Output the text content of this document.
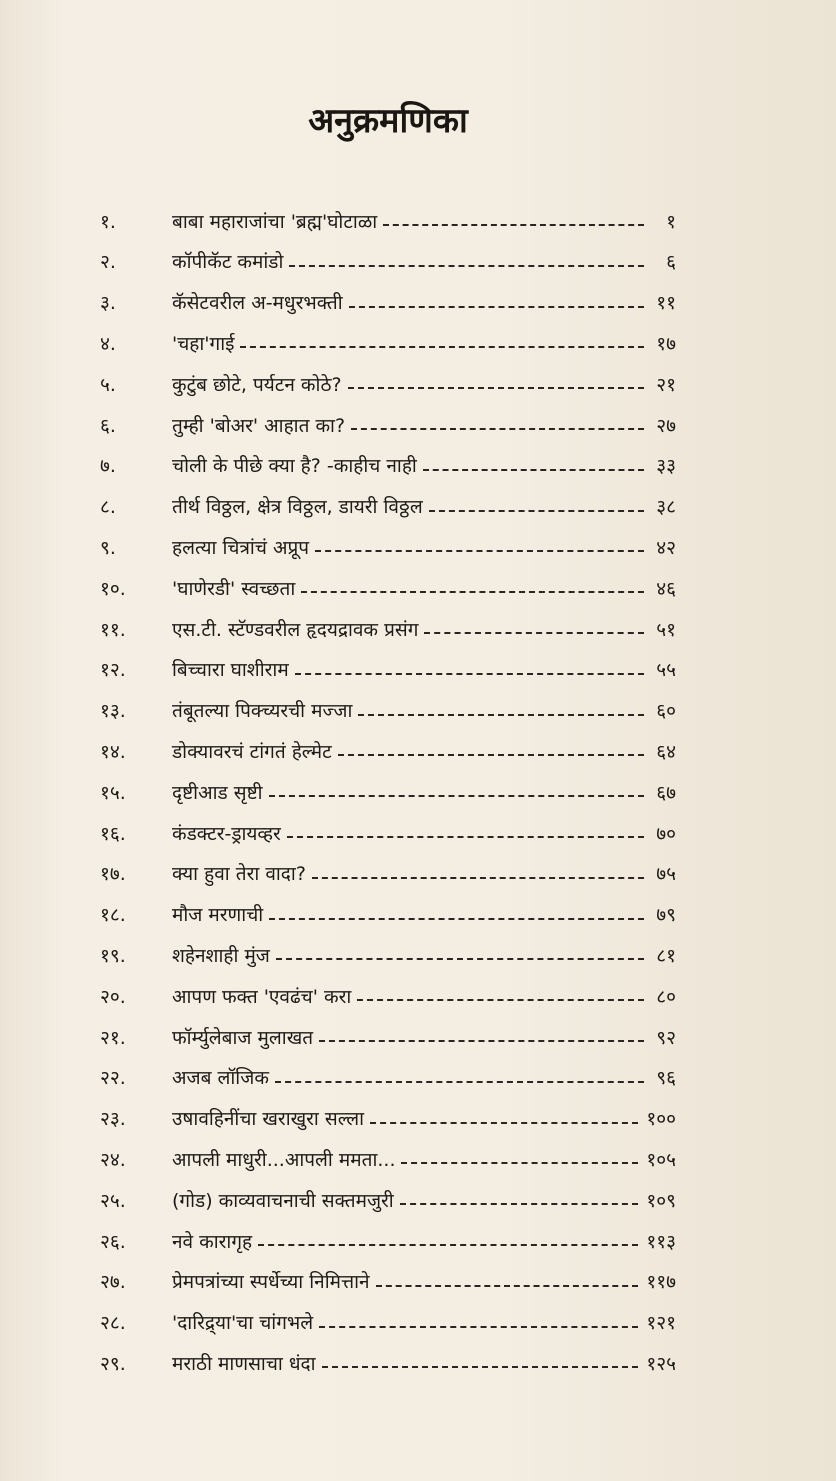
अनुक्रमणिका
१.	बाबा महाराजांचा 'ब्रह्म'घोटाळा	१
२.	कॉपीकॅट कमांडो	६
३.	कॅसेटवरील अ-मधुरभक्ती	११
४.	'चहा'गाई	१७
५.	कुटुंब छोटे, पर्यटन कोठे?	२१
६.	तुम्ही 'बोअर' आहात का?	२७
७.	चोली के पीछे क्या है? -काहीच नाही	३३
८.	तीर्थ विठ्ठल, क्षेत्र विठ्ठल, डायरी विठ्ठल	३८
९.	हलत्या चित्रांचं अप्रूप	४२
१०.	'घाणेरडी' स्वच्छता	४६
११.	एस.टी. स्टॅण्डवरील हृदयद्रावक प्रसंग	५१
१२.	बिच्चारा घाशीराम	५५
१३.	तंबूतल्या पिक्च्यरची मज्जा	६०
१४.	डोक्यावरचं टांगतं हेल्मेट	६४
१५.	दृष्टीआड सृष्टी	६७
१६.	कंडक्टर-ड्रायव्हर	७०
१७.	क्या हुवा तेरा वादा?	७५
१८.	मौज मरणाची	७९
१९.	शहेनशाही मुंज	८१
२०.	आपण फक्त 'एवढंच' करा	८०
२१.	फॉर्म्युलेबाज मुलाखत	९२
२२.	अजब लॉजिक	९६
२३.	उषावहिनींचा खराखुरा सल्ला	१००
२४.	आपली माधुरी...आपली ममता...	१०५
२५.	(गोड) काव्यवाचनाची सक्तमजुरी	१०९
२६.	नवे कारागृह	११३
२७.	प्रेमपत्रांच्या स्पर्धेच्या निमित्ताने	११७
२८.	'दारिद्र्या'चा चांगभले	१२१
२९.	मराठी माणसाचा धंदा	१२५
